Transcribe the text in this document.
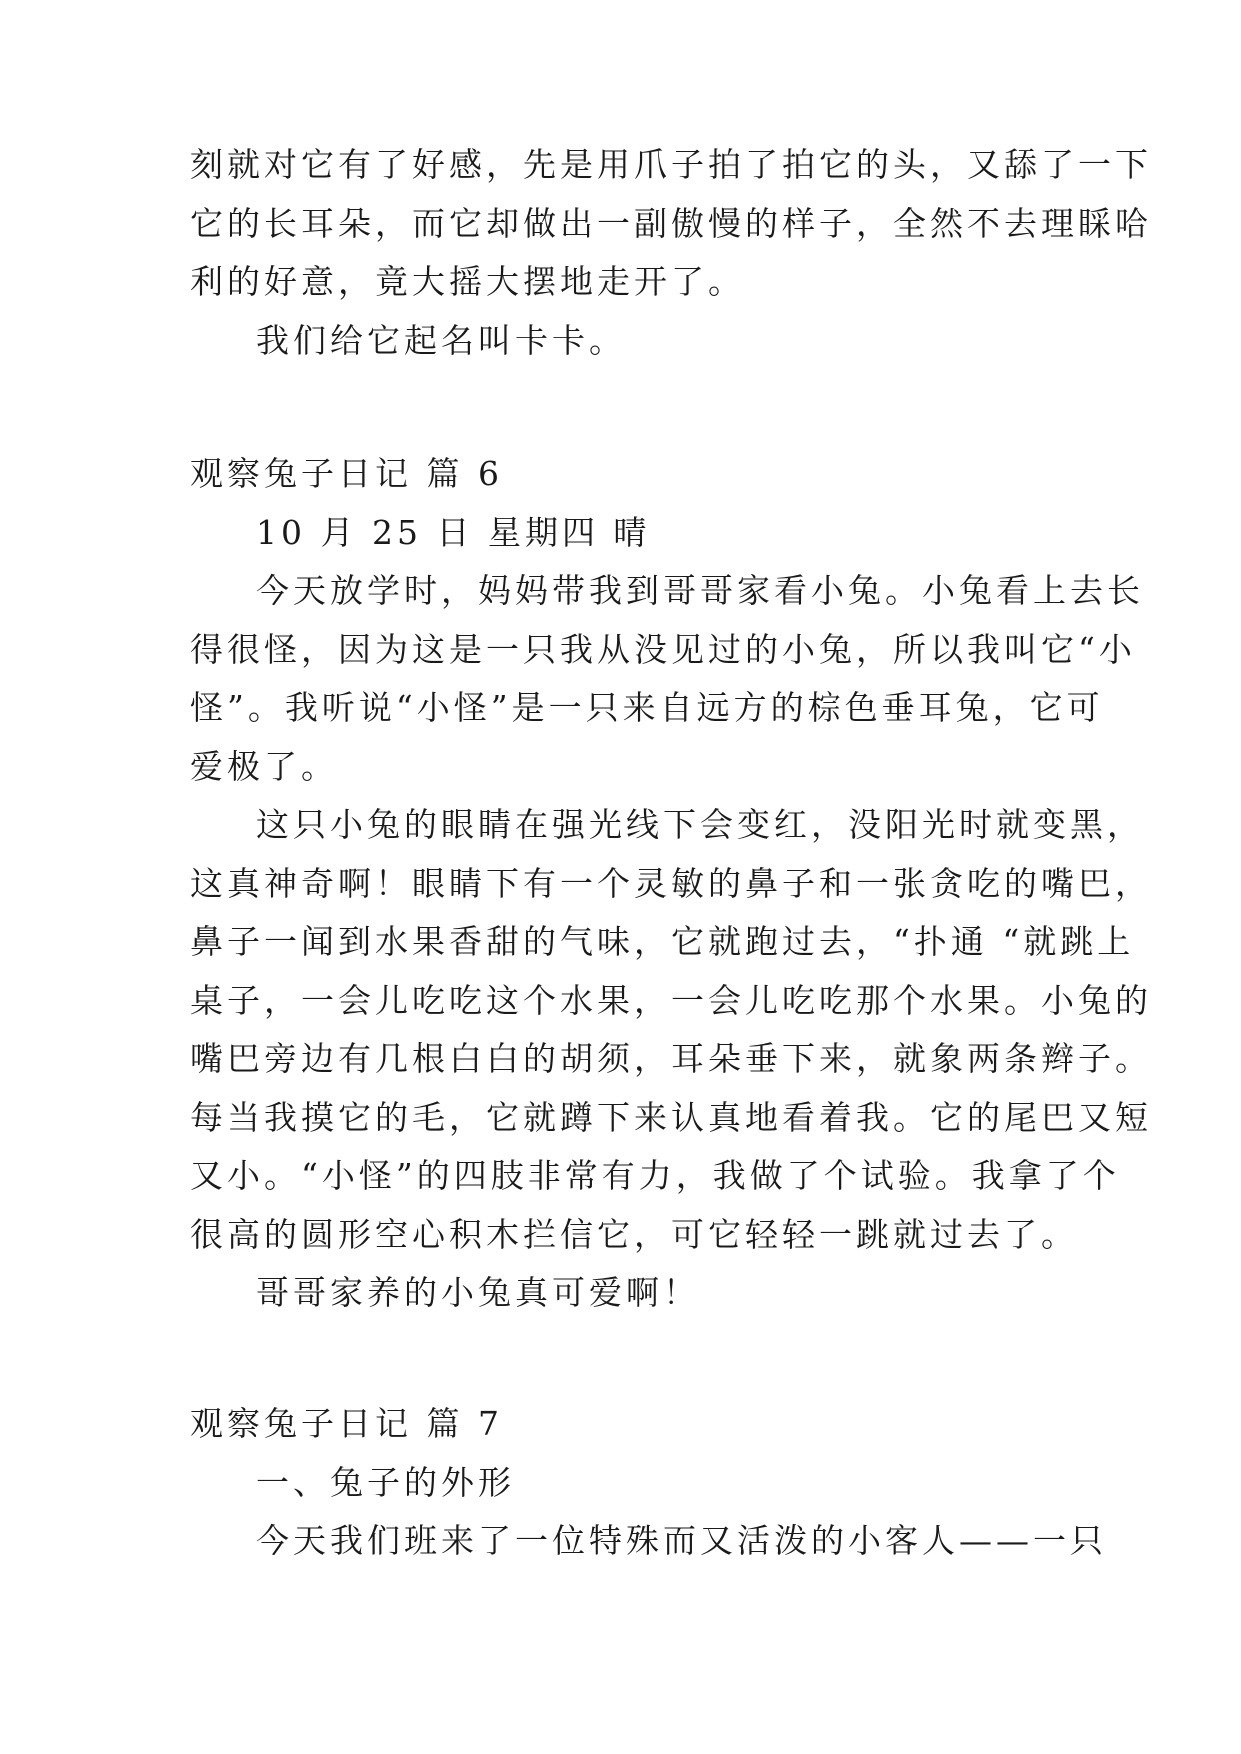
刻就对它有了好感，先是用爪子拍了拍它的头，又舔了一下
它的长耳朵，而它却做出一副傲慢的样子，全然不去理睬哈
利的好意，竟大摇大摆地走开了。
我们给它起名叫卡卡。
观察兔子日记 篇 6
10 月 25 日 星期四 晴
今天放学时，妈妈带我到哥哥家看小兔。小兔看上去长
得很怪，因为这是一只我从没见过的小兔，所以我叫它“小
怪”。我听说“小怪”是一只来自远方的棕色垂耳兔，它可
爱极了。
这只小兔的眼睛在强光线下会变红，没阳光时就变黑，
这真神奇啊！眼睛下有一个灵敏的鼻子和一张贪吃的嘴巴，
鼻子一闻到水果香甜的气味，它就跑过去，“扑通 “就跳上
桌子，一会儿吃吃这个水果，一会儿吃吃那个水果。小兔的
嘴巴旁边有几根白白的胡须，耳朵垂下来，就象两条辫子。
每当我摸它的毛，它就蹲下来认真地看着我。它的尾巴又短
又小。“小怪”的四肢非常有力，我做了个试验。我拿了个
很高的圆形空心积木拦信它，可它轻轻一跳就过去了。
哥哥家养的小兔真可爱啊！
观察兔子日记 篇 7
一、兔子的外形
今天我们班来了一位特殊而又活泼的小客人——一只
